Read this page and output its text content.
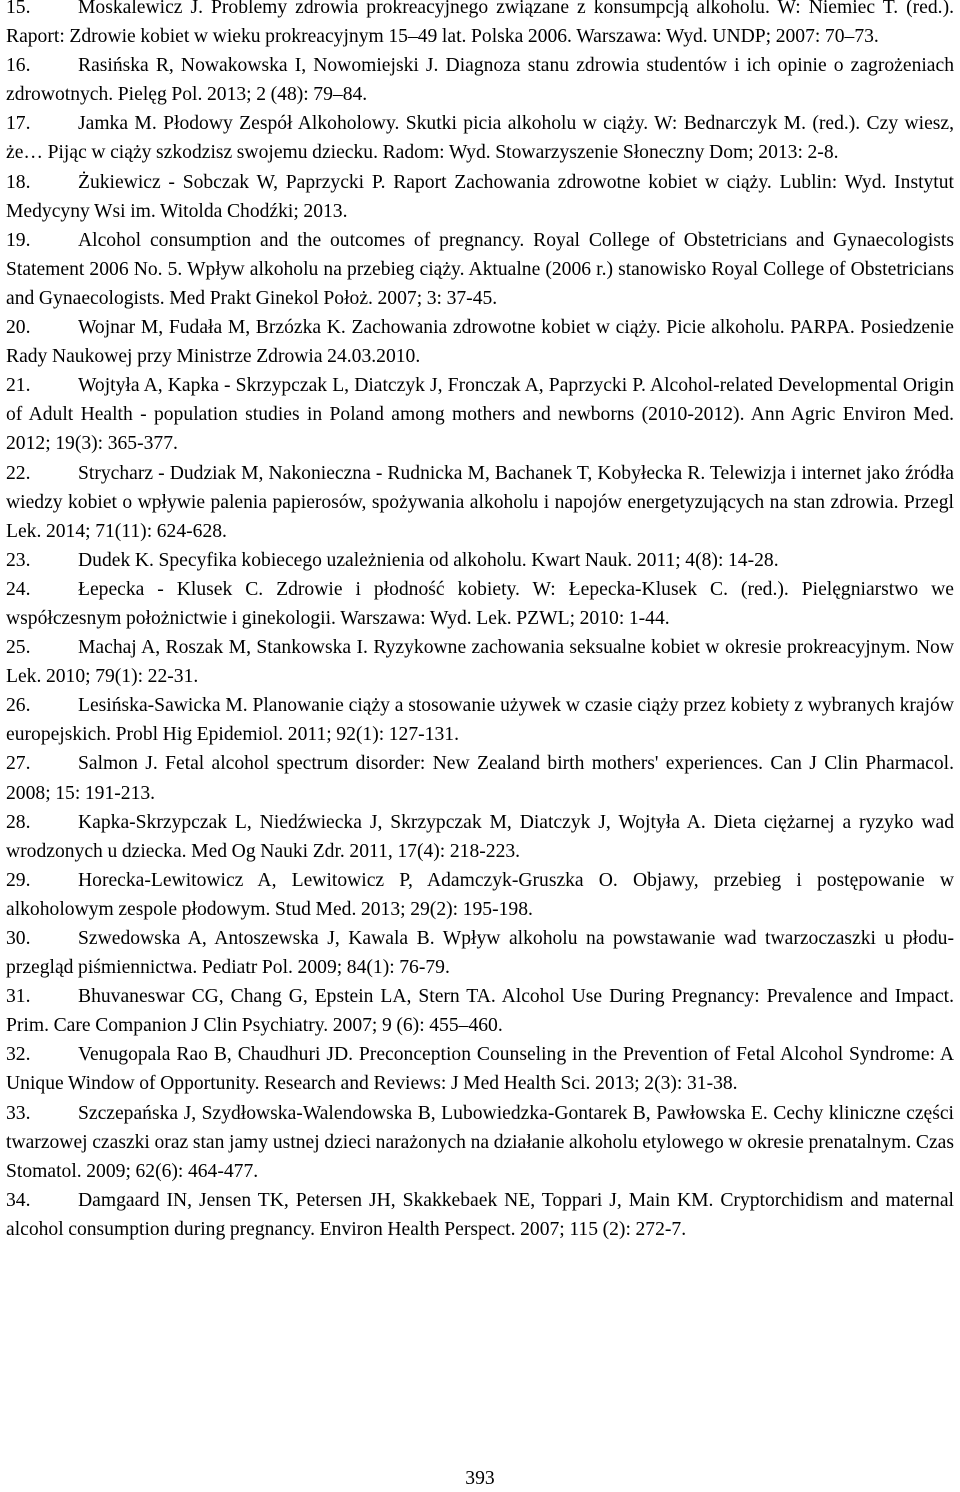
15. Moskalewicz J. Problemy zdrowia prokreacyjnego związane z konsumpcją alkoholu. W: Niemiec T. (red.). Raport: Zdrowie kobiet w wieku prokreacyjnym 15–49 lat. Polska 2006. Warszawa: Wyd. UNDP; 2007: 70–73.
16. Rasińska R, Nowakowska I, Nowomiejski J. Diagnoza stanu zdrowia studentów i ich opinie o zagrożeniach zdrowotnych. Pielęg Pol. 2013; 2 (48): 79–84.
17. Jamka M. Płodowy Zespół Alkoholowy. Skutki picia alkoholu w ciąży. W: Bednarczyk M. (red.). Czy wiesz, że… Pijąc w ciąży szkodzisz swojemu dziecku. Radom: Wyd. Stowarzyszenie Słoneczny Dom; 2013: 2-8.
18. Żukiewicz - Sobczak W, Paprzycki P. Raport Zachowania zdrowotne kobiet w ciąży. Lublin: Wyd. Instytut Medycyny Wsi im. Witolda Chodźki; 2013.
19. Alcohol consumption and the outcomes of pregnancy. Royal College of Obstetricians and Gynaecologists Statement 2006 No. 5. Wpływ alkoholu na przebieg ciąży. Aktualne (2006 r.) stanowisko Royal College of Obstetricians and Gynaecologists. Med Prakt Ginekol Położ. 2007; 3: 37-45.
20. Wojnar M, Fudała M, Brzózka K. Zachowania zdrowotne kobiet w ciąży. Picie alkoholu. PARPA. Posiedzenie Rady Naukowej przy Ministrze Zdrowia 24.03.2010.
21. Wojtyła A, Kapka - Skrzypczak L, Diatczyk J, Fronczak A, Paprzycki P. Alcohol-related Developmental Origin of Adult Health - population studies in Poland among mothers and newborns (2010-2012). Ann Agric Environ Med. 2012; 19(3): 365-377.
22. Strycharz - Dudziak M, Nakonieczna - Rudnicka M, Bachanek T, Kobyłecka R. Telewizja i internet jako źródła wiedzy kobiet o wpływie palenia papierosów, spożywania alkoholu i napojów energetyzujących na stan zdrowia. Przegl Lek. 2014; 71(11): 624-628.
23. Dudek K. Specyfika kobiecego uzależnienia od alkoholu. Kwart Nauk. 2011; 4(8): 14-28.
24. Łepecka - Klusek C. Zdrowie i płodność kobiety. W: Łepecka-Klusek C. (red.). Pielęgniarstwo we współczesnym położnictwie i ginekologii. Warszawa: Wyd. Lek. PZWL; 2010: 1-44.
25. Machaj A, Roszak M, Stankowska I. Ryzykowne zachowania seksualne kobiet w okresie prokreacyjnym. Now Lek. 2010; 79(1): 22-31.
26. Lesińska-Sawicka M. Planowanie ciąży a stosowanie używek w czasie ciąży przez kobiety z wybranych krajów europejskich. Probl Hig Epidemiol. 2011; 92(1): 127-131.
27. Salmon J. Fetal alcohol spectrum disorder: New Zealand birth mothers' experiences. Can J Clin Pharmacol. 2008; 15: 191-213.
28. Kapka-Skrzypczak L, Niedźwiecka J, Skrzypczak M, Diatczyk J, Wojtyła A. Dieta ciężarnej a ryzyko wad wrodzonych u dziecka. Med Og Nauki Zdr. 2011, 17(4): 218-223.
29. Horecka-Lewitowicz A, Lewitowicz P, Adamczyk-Gruszka O. Objawy, przebieg i postępowanie w alkoholowym zespole płodowym. Stud Med. 2013; 29(2): 195-198.
30. Szwedowska A, Antoszewska J, Kawala B. Wpływ alkoholu na powstawanie wad twarzoczaszki u płodu-przegląd piśmiennictwa. Pediatr Pol. 2009; 84(1): 76-79.
31. Bhuvaneswar CG, Chang G, Epstein LA, Stern TA. Alcohol Use During Pregnancy: Prevalence and Impact. Prim. Care Companion J Clin Psychiatry. 2007; 9 (6): 455–460.
32. Venugopala Rao B, Chaudhuri JD. Preconception Counseling in the Prevention of Fetal Alcohol Syndrome: A Unique Window of Opportunity. Research and Reviews: J Med Health Sci. 2013; 2(3): 31-38.
33. Szczepańska J, Szydłowska-Walendowska B, Lubowiedzka-Gontarek B, Pawłowska E. Cechy kliniczne części twarzowej czaszki oraz stan jamy ustnej dzieci narażonych na działanie alkoholu etylowego w okresie prenatalnym. Czas Stomatol. 2009; 62(6): 464-477.
34. Damgaard IN, Jensen TK, Petersen JH, Skakkebaek NE, Toppari J, Main KM. Cryptorchidism and maternal alcohol consumption during pregnancy. Environ Health Perspect. 2007; 115 (2): 272-7.
393
